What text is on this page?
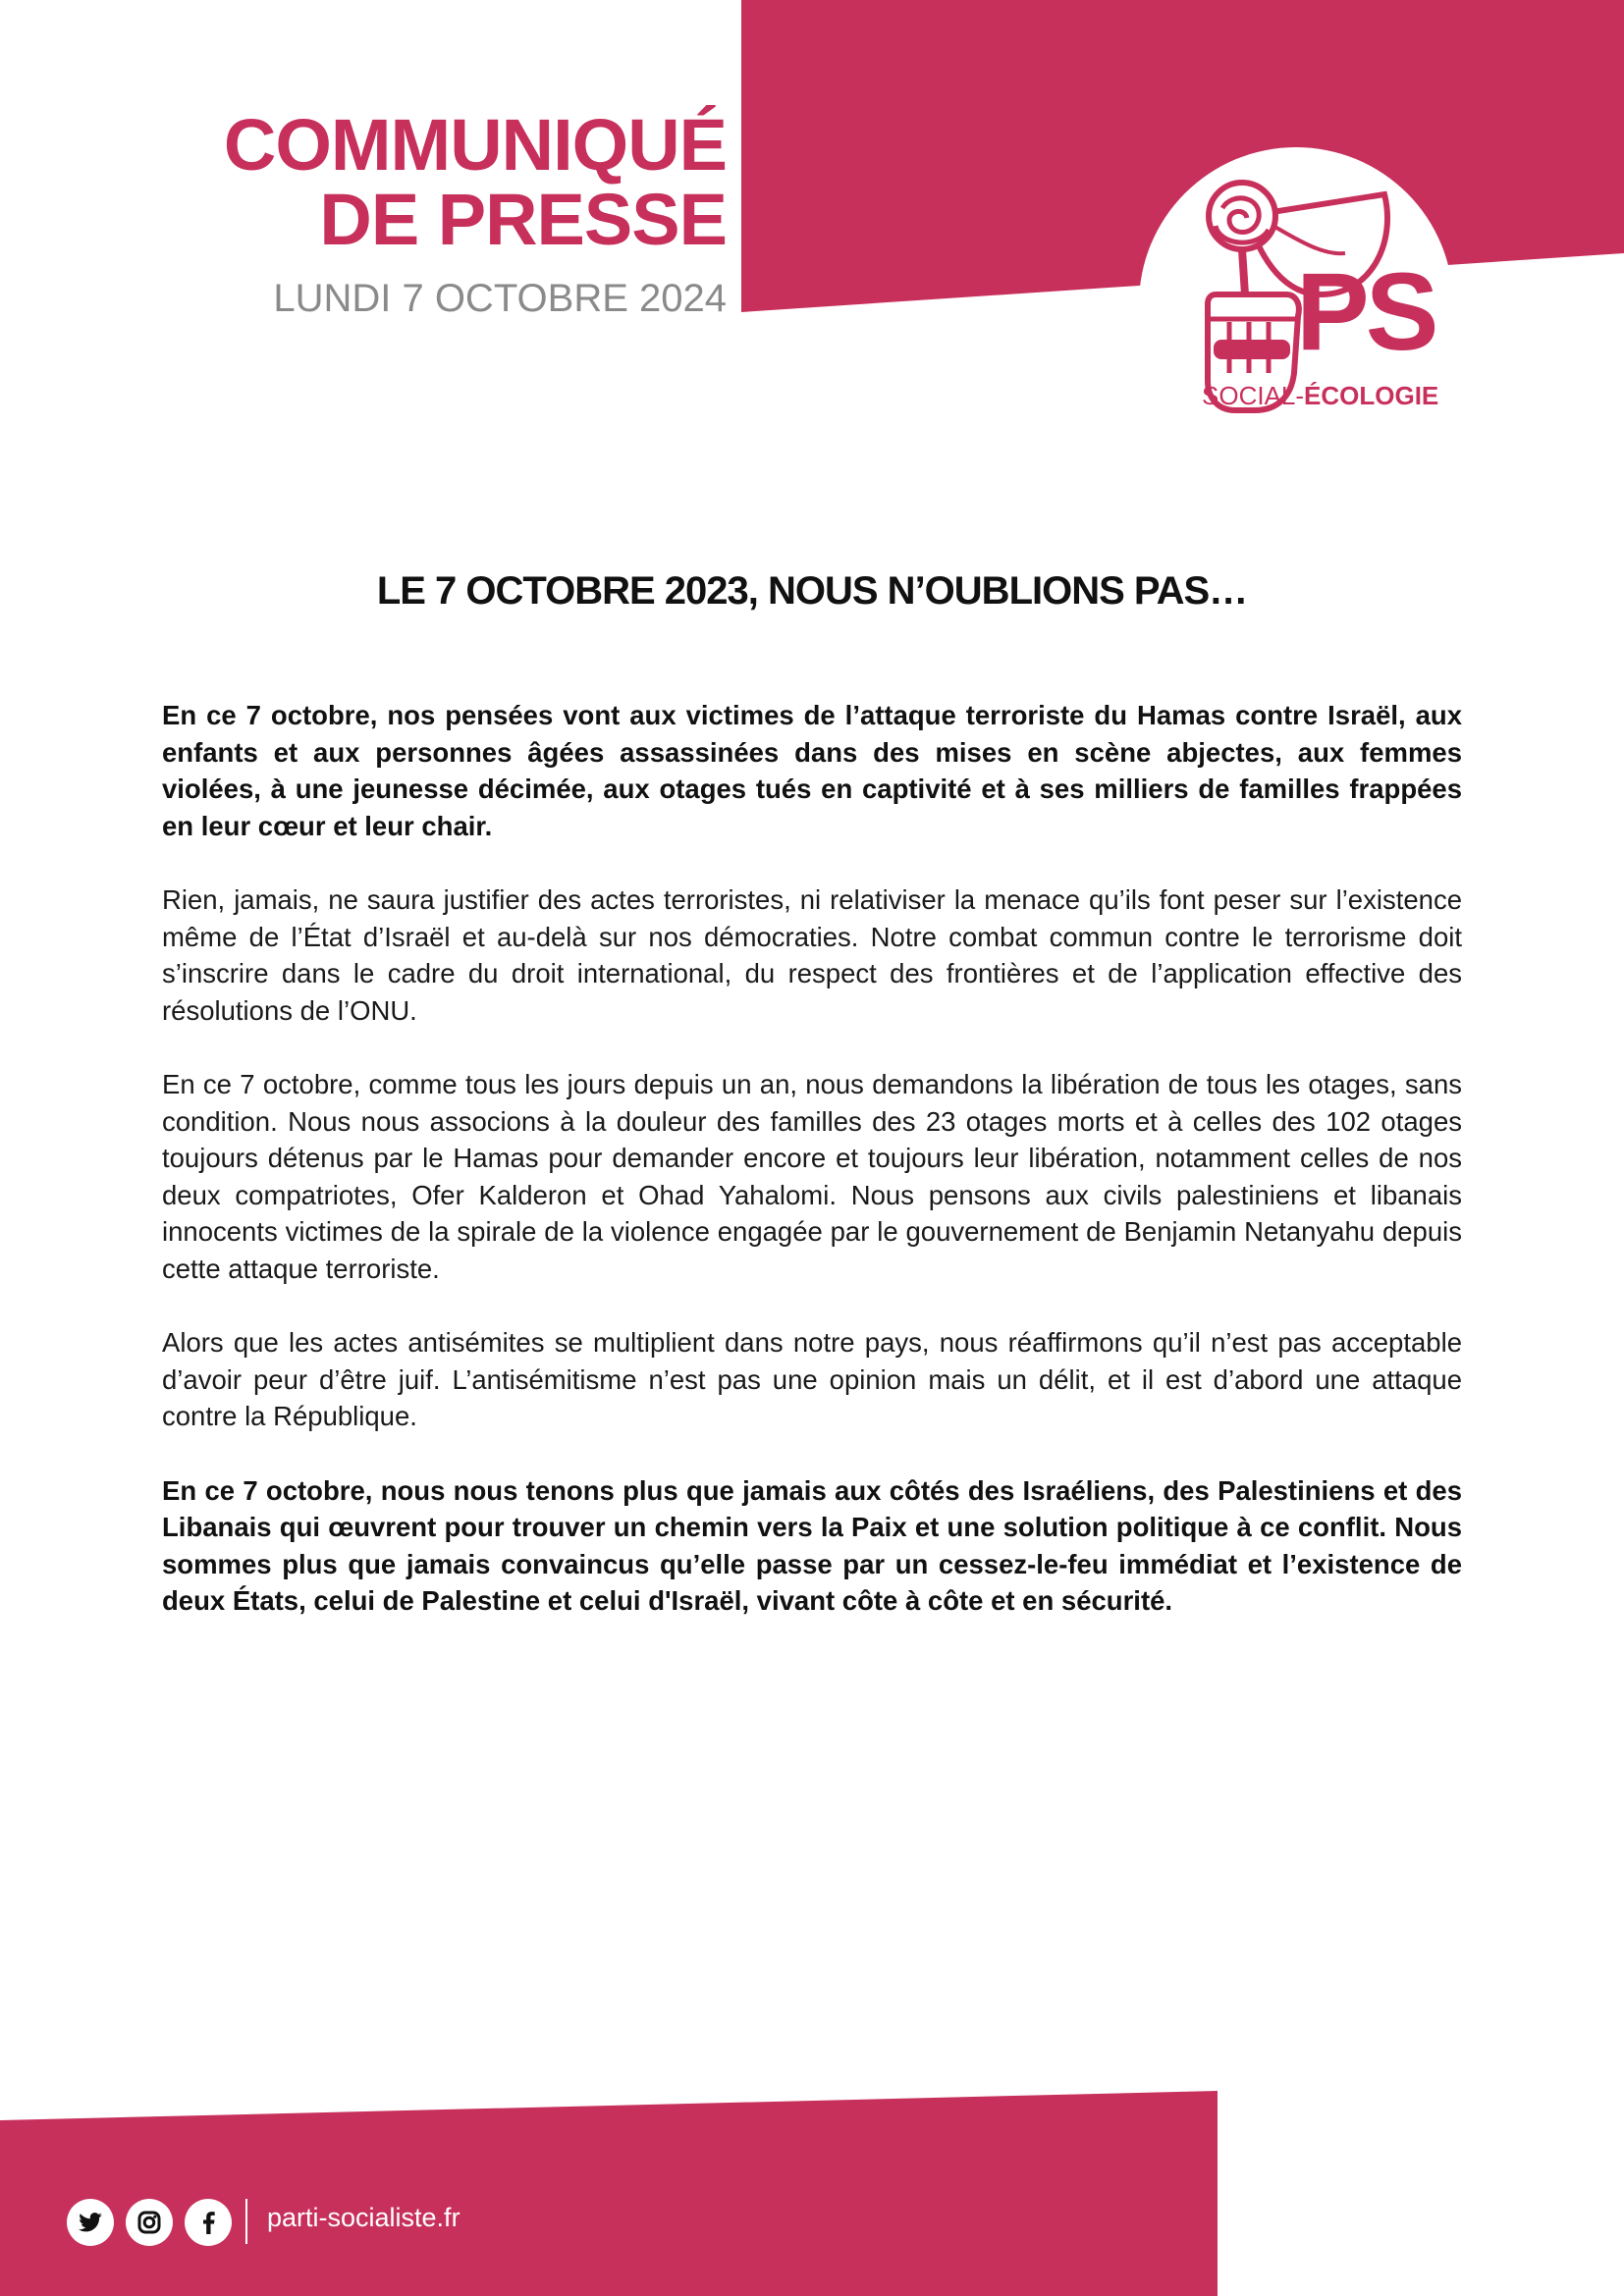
PS
SOCIAL-ÉCOLOGIE
COMMUNIQUÉ
DE PRESSE
LUNDI 7 OCTOBRE 2024
LE 7 OCTOBRE 2023, NOUS N’OUBLIONS PAS…

En ce 7 octobre, nos pensées vont aux victimes de l’attaque terroriste du Hamas contre Israël, aux enfants et aux personnes âgées assassinées dans des mises en scène abjectes, aux femmes violées, à une jeunesse décimée, aux otages tués en captivité et à ses milliers de familles frappées en leur cœur et leur chair.

Rien, jamais, ne saura justifier des actes terroristes, ni relativiser la menace qu’ils font peser sur l’existence même de l’État d’Israël et au-delà sur nos démocraties. Notre combat commun contre le terrorisme doit s’inscrire dans le cadre du droit international, du respect des frontières et de l’application effective des résolutions de l’ONU.

En ce 7 octobre, comme tous les jours depuis un an, nous demandons la libération de tous les otages, sans condition. Nous nous associons à la douleur des familles des 23 otages morts et à celles des 102 otages toujours détenus par le Hamas pour demander encore et toujours leur libération, notamment celles de nos deux compatriotes, Ofer Kalderon et Ohad Yahalomi. Nous pensons aux civils palestiniens et libanais innocents victimes de la spirale de la violence engagée par le gouvernement de Benjamin Netanyahu depuis cette attaque terroriste.

Alors que les actes antisémites se multiplient dans notre pays, nous réaffirmons qu’il n’est pas acceptable d’avoir peur d’être juif. L’antisémitisme n’est pas une opinion mais un délit, et il est d’abord une attaque contre la République.

En ce 7 octobre, nous nous tenons plus que jamais aux côtés des Israéliens, des Palestiniens et des Libanais qui œuvrent pour trouver un chemin vers la Paix et une solution politique à ce conflit. Nous sommes plus que jamais convaincus qu’elle passe par un cessez-le-feu immédiat et l’existence de deux États, celui de Palestine et celui d'Israël, vivant côte à côte et en sécurité.

parti-socialiste.fr
